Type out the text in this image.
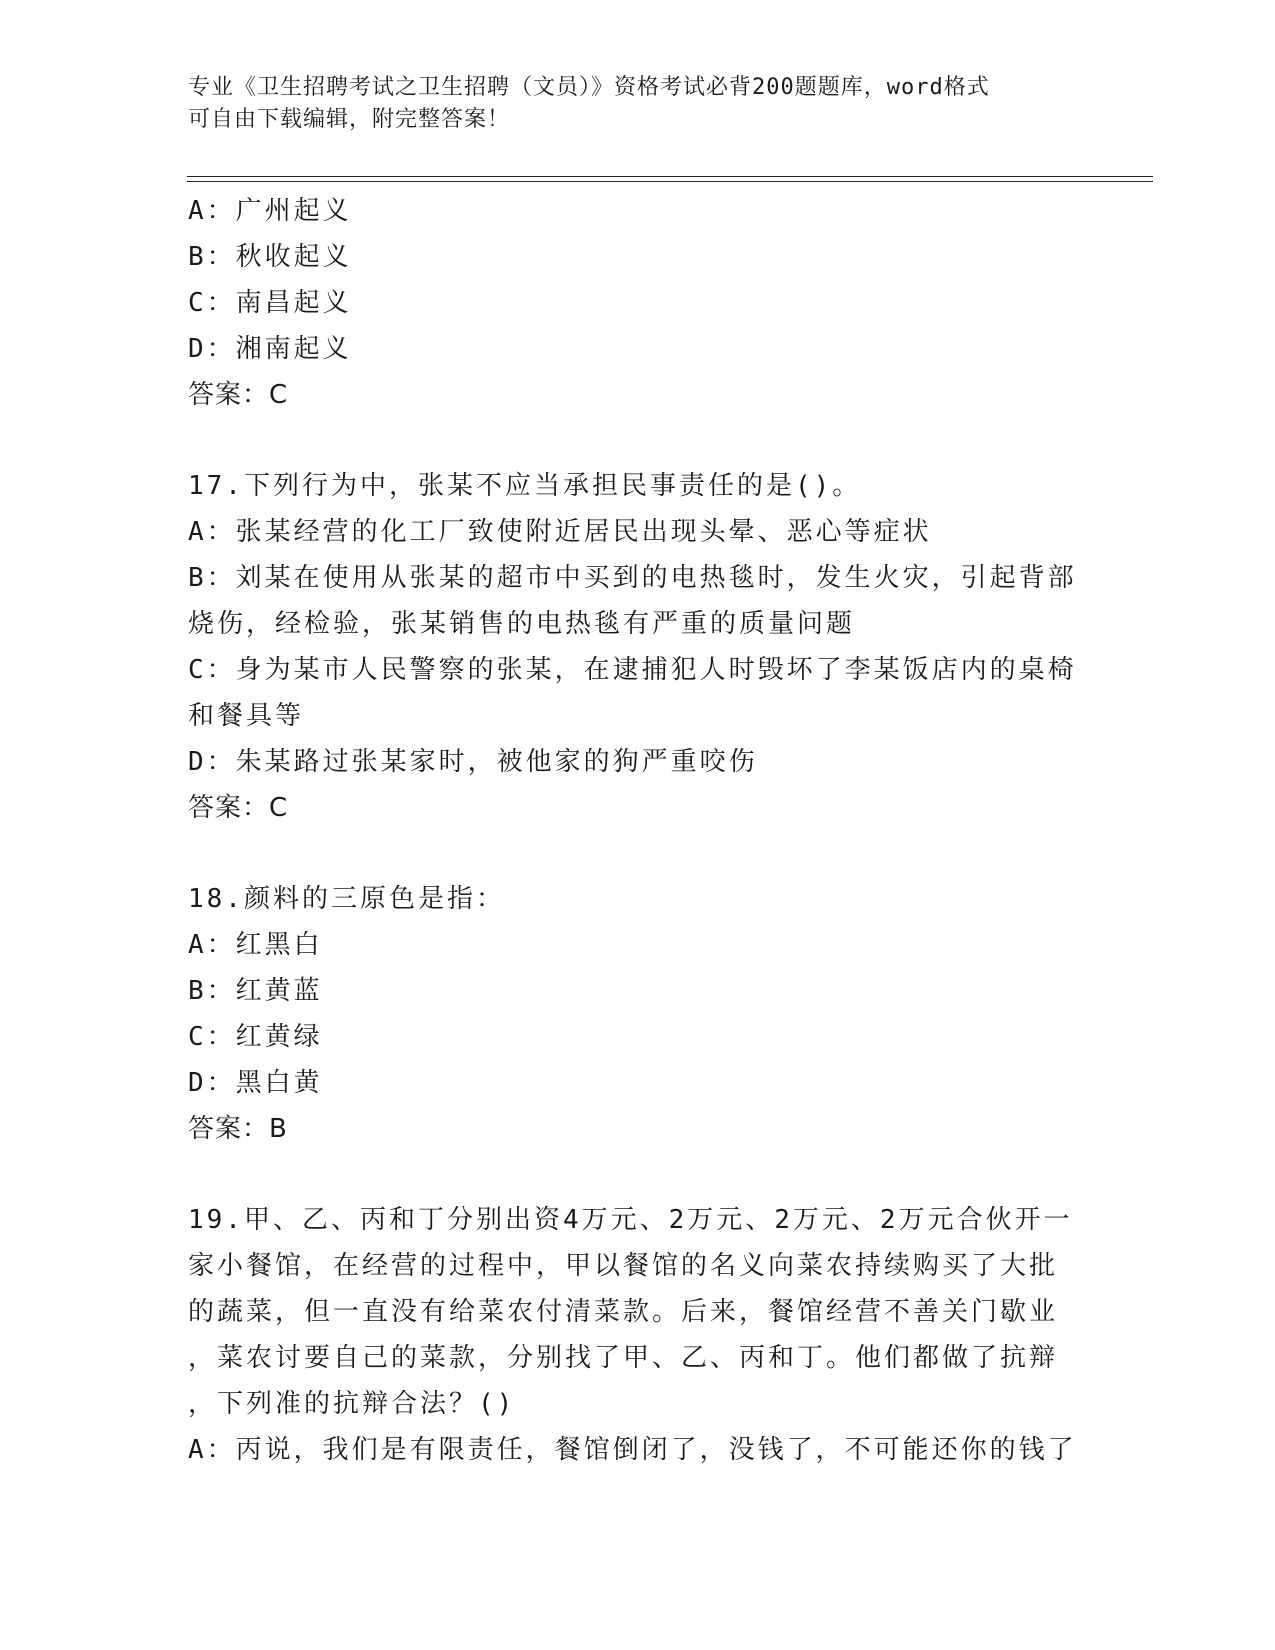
专业《卫生招聘考试之卫生招聘（文员）》资格考试必背200题题库，word格式
可自由下载编辑，附完整答案！
A：广州起义
B：秋收起义
C：南昌起义
D：湘南起义
答案：C
17.下列行为中，张某不应当承担民事责任的是()。
A：张某经营的化工厂致使附近居民出现头晕、恶心等症状
B：刘某在使用从张某的超市中买到的电热毯时，发生火灾，引起背部
烧伤，经检验，张某销售的电热毯有严重的质量问题
C：身为某市人民警察的张某，在逮捕犯人时毁坏了李某饭店内的桌椅
和餐具等
D：朱某路过张某家时，被他家的狗严重咬伤
答案：C
18.颜料的三原色是指：
A：红黑白
B：红黄蓝
C：红黄绿
D：黑白黄
答案：B
19.甲、乙、丙和丁分别出资4万元、2万元、2万元、2万元合伙开一
家小餐馆，在经营的过程中，甲以餐馆的名义向菜农持续购买了大批
的蔬菜，但一直没有给菜农付清菜款。后来，餐馆经营不善关门歇业
，菜农讨要自己的菜款，分别找了甲、乙、丙和丁。他们都做了抗辩
，下列准的抗辩合法？()
A：丙说，我们是有限责任，餐馆倒闭了，没钱了，不可能还你的钱了
